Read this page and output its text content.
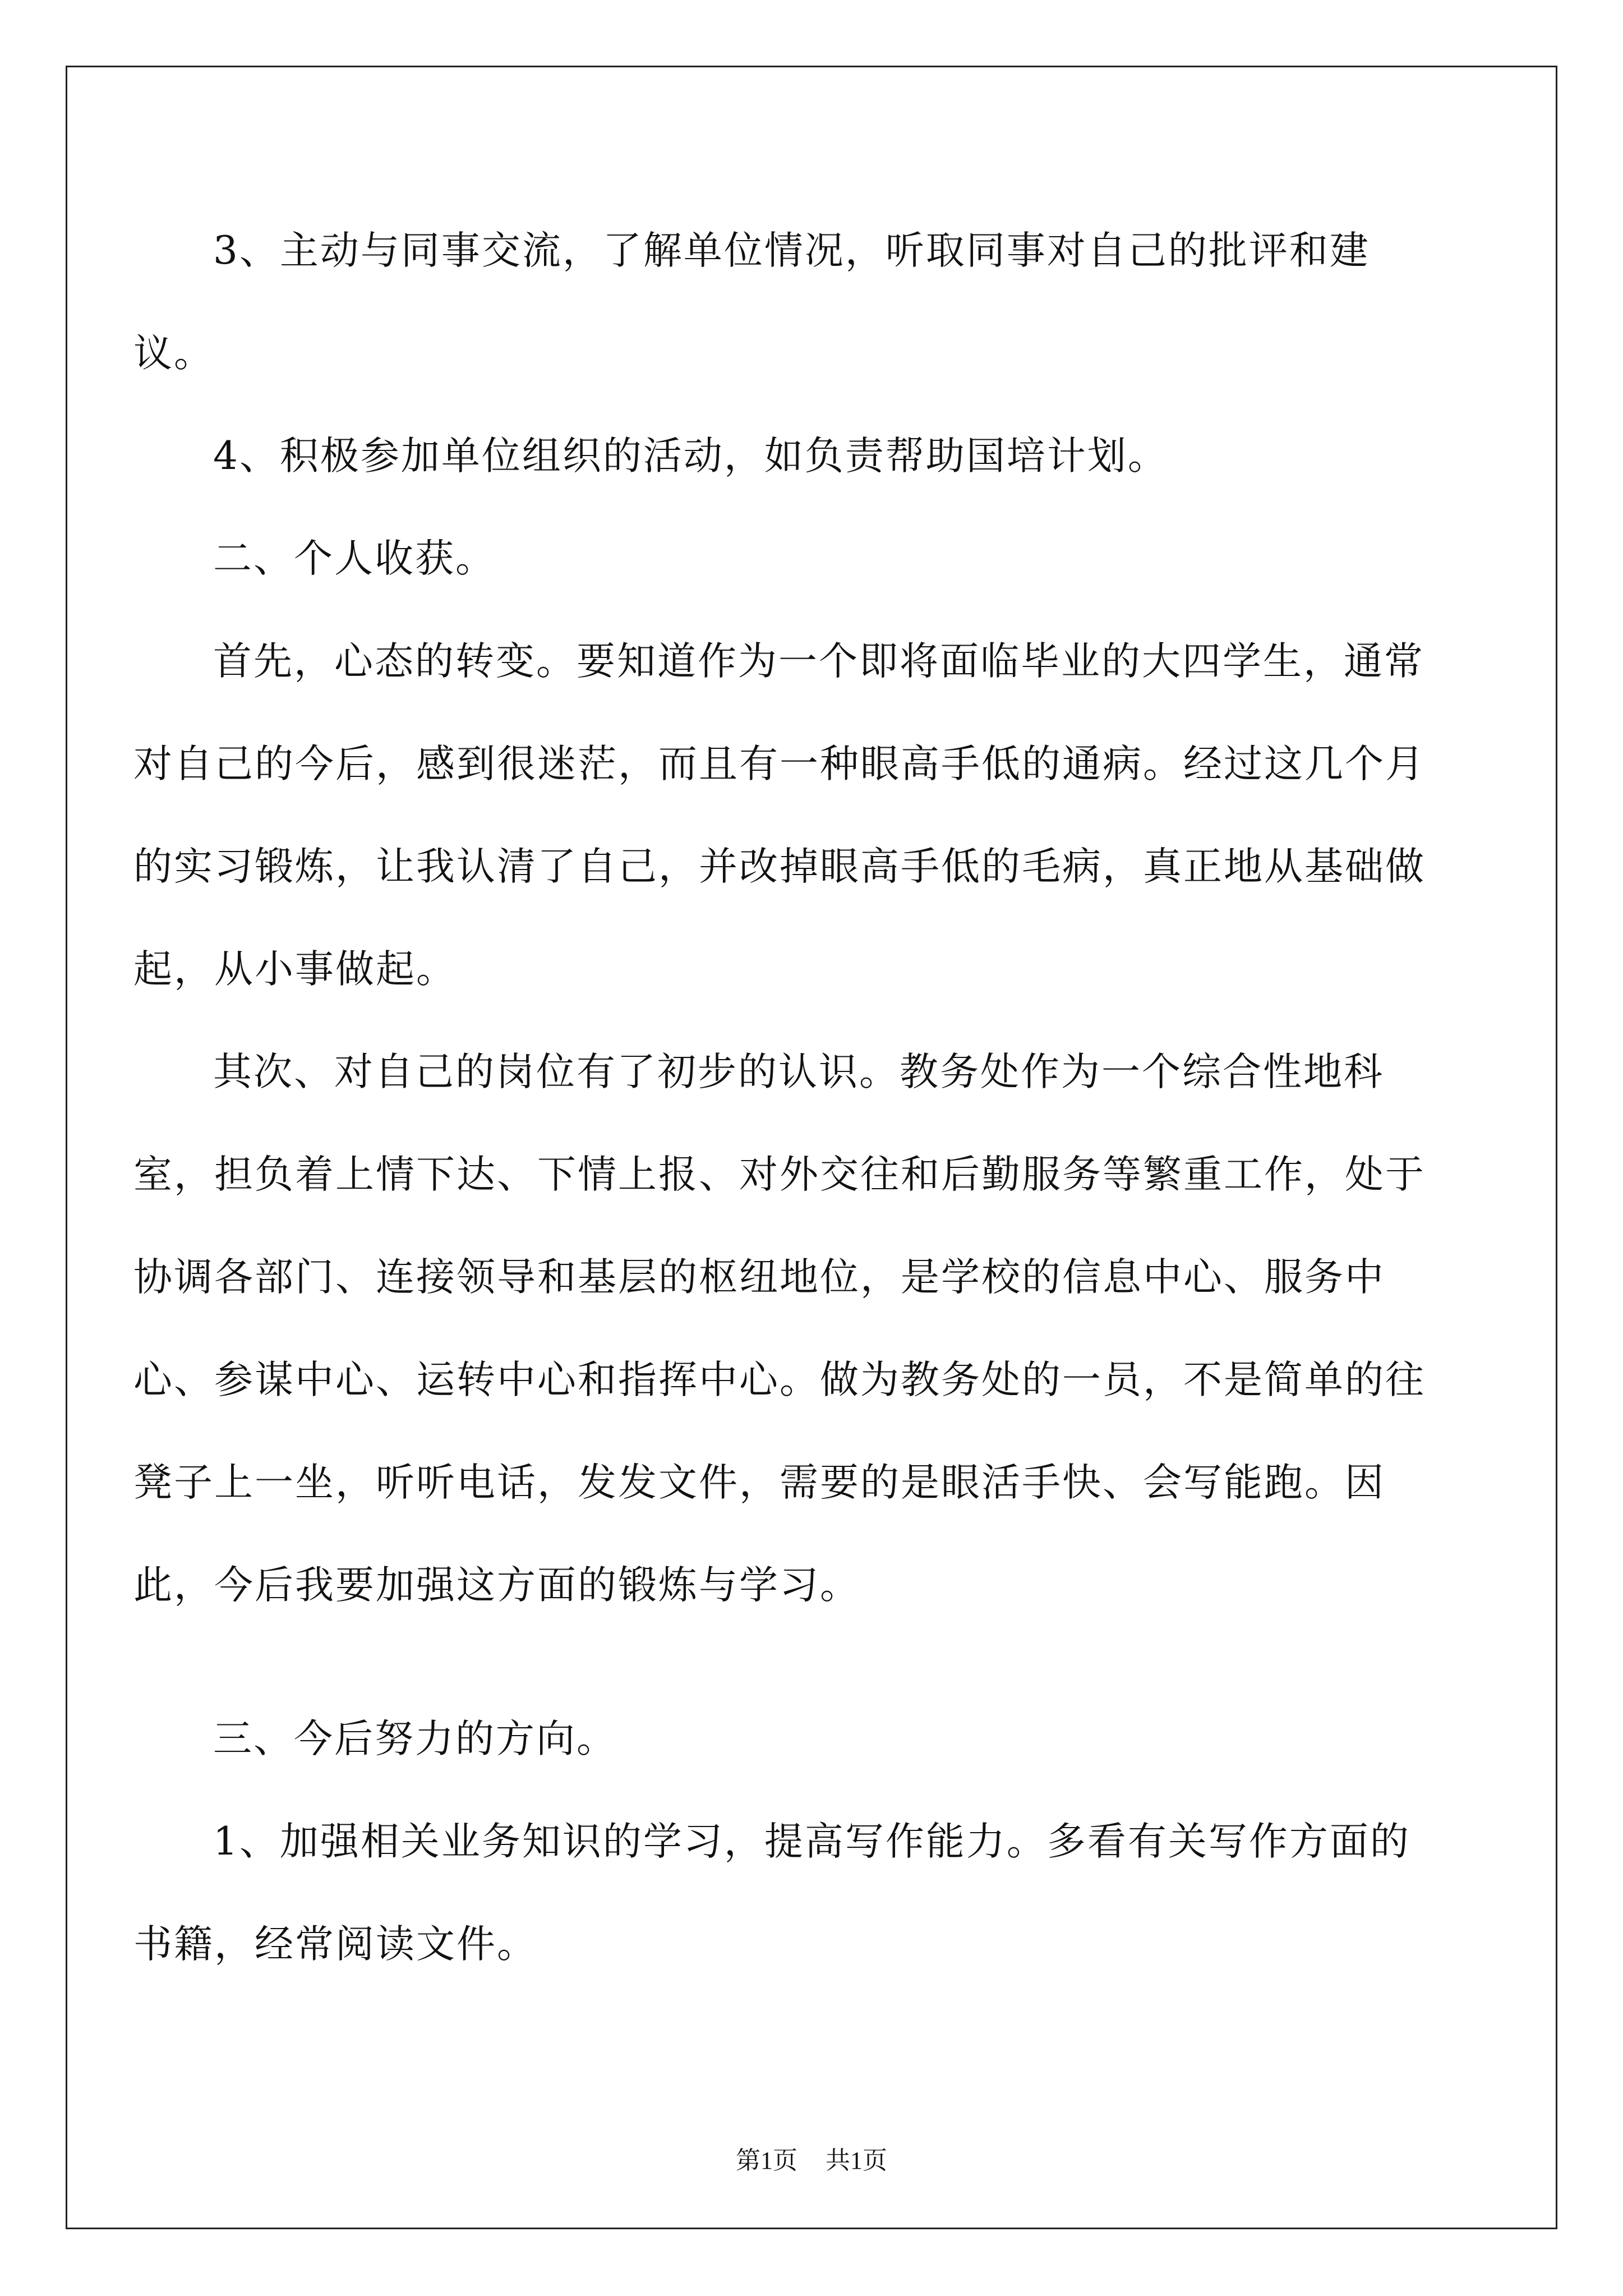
3、主动与同事交流，了解单位情况，听取同事对自己的批评和建议。

4、积极参加单位组织的活动，如负责帮助国培计划。

二、个人收获。

首先，心态的转变。要知道作为一个即将面临毕业的大四学生，通常对自己的今后，感到很迷茫，而且有一种眼高手低的通病。经过这几个月的实习锻炼，让我认清了自己，并改掉眼高手低的毛病，真正地从基础做起，从小事做起。

其次、对自己的岗位有了初步的认识。教务处作为一个综合性地科室，担负着上情下达、下情上报、对外交往和后勤服务等繁重工作，处于协调各部门、连接领导和基层的枢纽地位，是学校的信息中心、服务中心、参谋中心、运转中心和指挥中心。做为教务处的一员，不是简单的往凳子上一坐，听听电话，发发文件，需要的是眼活手快、会写能跑。因此，今后我要加强这方面的锻炼与学习。

三、今后努力的方向。

1、加强相关业务知识的学习，提高写作能力。多看有关写作方面的书籍，经常阅读文件。

第1页 共1页
